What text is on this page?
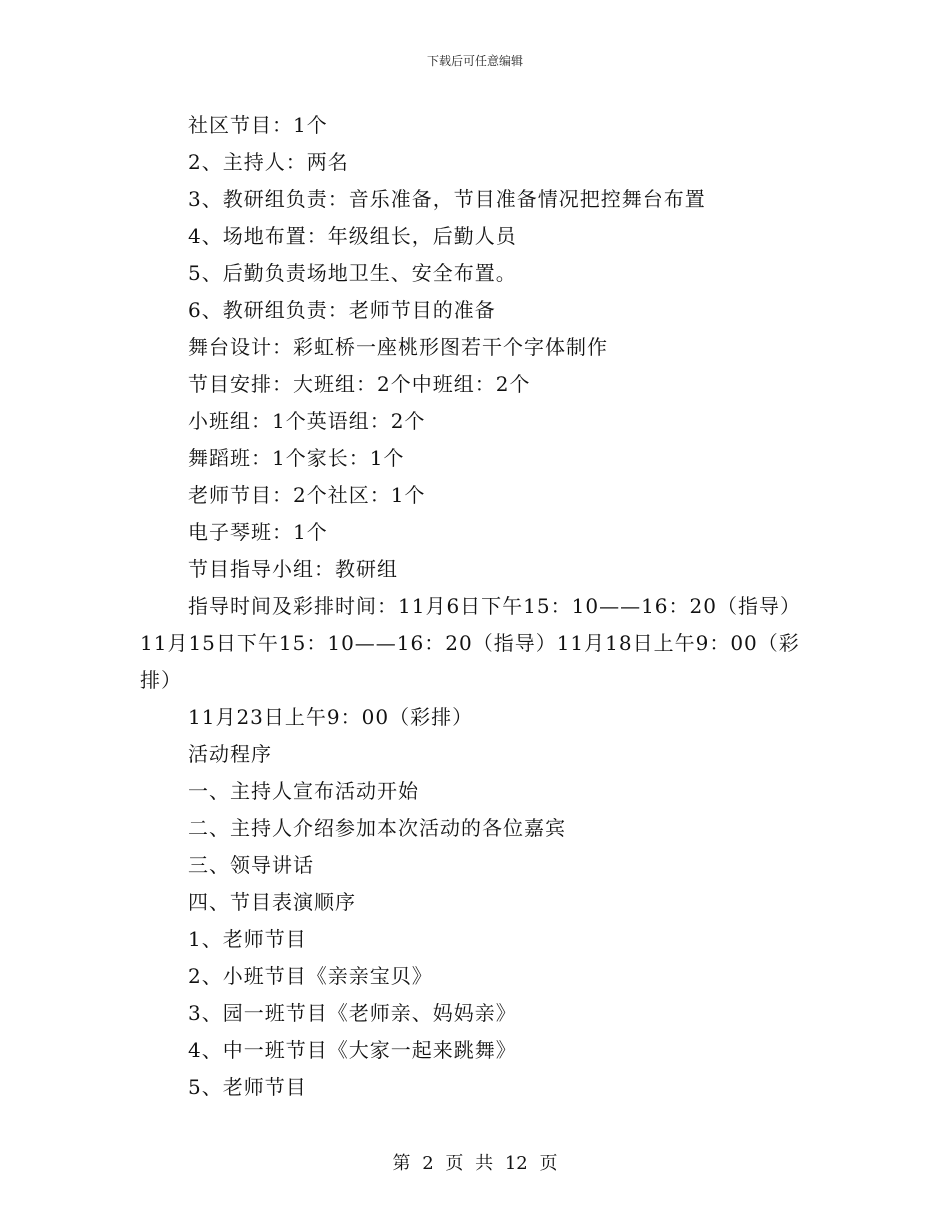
下载后可任意编辑

社区节目：1个

2、主持人：两名

3、教研组负责：音乐准备，节目准备情况把控舞台布置

4、场地布置：年级组长，后勤人员

5、后勤负责场地卫生、安全布置。

6、教研组负责：老师节目的准备

舞台设计：彩虹桥一座桃形图若干个字体制作

节目安排：大班组：2个中班组：2个

小班组：1个英语组：2个

舞蹈班：1个家长：1个

老师节目：2个社区：1个

电子琴班：1个

节目指导小组：教研组

指导时间及彩排时间：11月6日下午15：10——16：20（指导）11月15日下午15：10——16：20（指导）11月18日上午9：00（彩排）

11月23日上午9：00（彩排）

活动程序

一、主持人宣布活动开始

二、主持人介绍参加本次活动的各位嘉宾

三、领导讲话

四、节目表演顺序

1、老师节目

2、小班节目《亲亲宝贝》

3、园一班节目《老师亲、妈妈亲》

4、中一班节目《大家一起来跳舞》

5、老师节目

第 2 页 共 12 页
